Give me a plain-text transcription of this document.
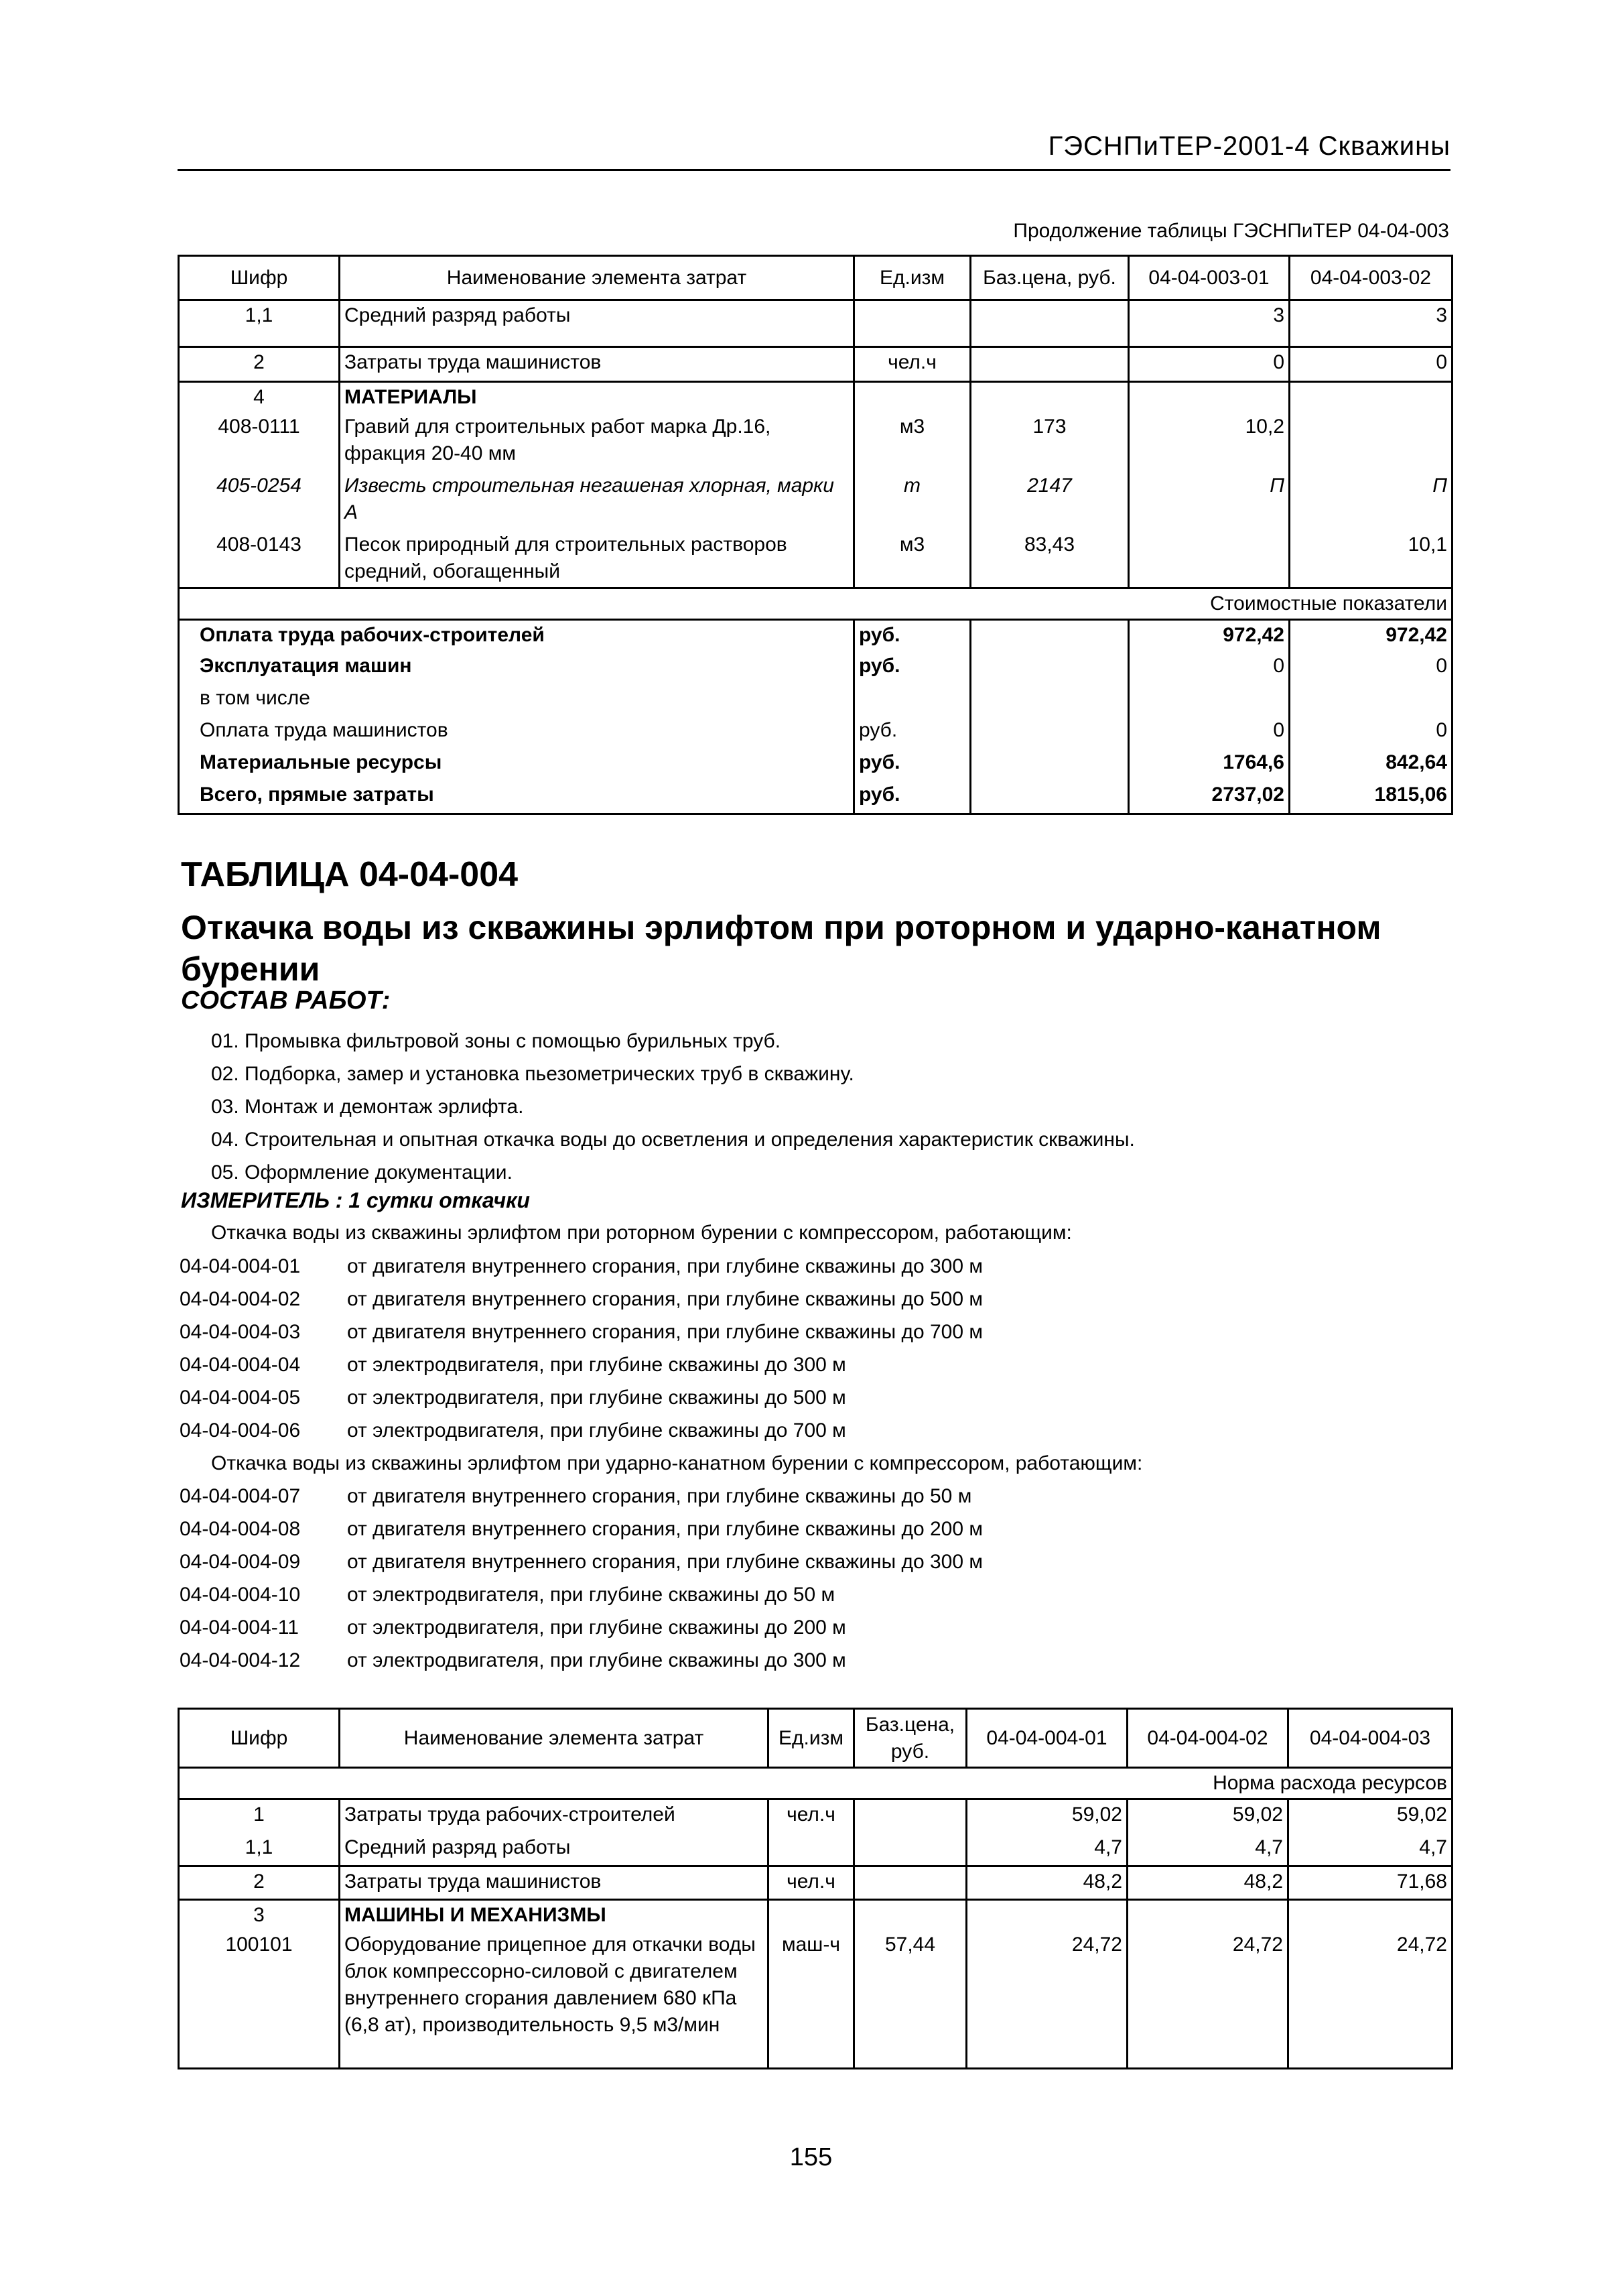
ГЭСНПиТЕР-2001-4 Скважины
Продолжение таблицы ГЭСНПиТЕР 04-04-003
Шифр	Наименование элемента затрат	Ед.изм	Баз.цена, руб.	04-04-003-01	04-04-003-02
1,1	Средний разряд работы			3	3
2	Затраты труда машинистов	чел.ч		0	0
4	МАТЕРИАЛЫ				
408-0111	Гравий для строительных работ марка Др.16, фракция 20-40 мм	м3	173	10,2	
405-0254	Известь строительная негашеная хлорная, марки А	т	2147	П	П
408-0143	Песок природный для строительных растворов средний, обогащенный	м3	83,43		10,1
Стоимостные показатели					
Оплата труда рабочих-строителей		руб.		972,42	972,42
Эксплуатация машин		руб.		0	0
в том числе					
Оплата труда машинистов		руб.		0	0
Материальные ресурсы		руб.		1764,6	842,64
Всего, прямые затраты		руб.		2737,02	1815,06
ТАБЛИЦА 04-04-004
Откачка воды из скважины эрлифтом при роторном и ударно-канатном бурении
СОСТАВ РАБОТ:
01. Промывка фильтровой зоны с помощью бурильных труб.
02. Подборка, замер и установка пьезометрических труб в скважину.
03. Монтаж и демонтаж эрлифта.
04. Строительная и опытная откачка воды до осветления и определения характеристик скважины.
05. Оформление документации.
ИЗМЕРИТЕЛЬ : 1 сутки откачки
Откачка воды из скважины эрлифтом при роторном бурении с компрессором, работающим:
04-04-004-01 от двигателя внутреннего сгорания, при глубине скважины до 300 м
04-04-004-02 от двигателя внутреннего сгорания, при глубине скважины до 500 м
04-04-004-03 от двигателя внутреннего сгорания, при глубине скважины до 700 м
04-04-004-04 от электродвигателя, при глубине скважины до 300 м
04-04-004-05 от электродвигателя, при глубине скважины до 500 м
04-04-004-06 от электродвигателя, при глубине скважины до 700 м
Откачка воды из скважины эрлифтом при ударно-канатном бурении с компрессором, работающим:
04-04-004-07 от двигателя внутреннего сгорания, при глубине скважины до 50 м
04-04-004-08 от двигателя внутреннего сгорания, при глубине скважины до 200 м
04-04-004-09 от двигателя внутреннего сгорания, при глубине скважины до 300 м
04-04-004-10 от электродвигателя, при глубине скважины до 50 м
04-04-004-11 от электродвигателя, при глубине скважины до 200 м
04-04-004-12 от электродвигателя, при глубине скважины до 300 м
Шифр	Наименование элемента затрат	Ед.изм	Баз.цена, руб.	04-04-004-01	04-04-004-02	04-04-004-03
Норма расхода ресурсов						
1	Затраты труда рабочих-строителей	чел.ч		59,02	59,02	59,02
1,1	Средний разряд работы			4,7	4,7	4,7
2	Затраты труда машинистов	чел.ч		48,2	48,2	71,68
3	МАШИНЫ И МЕХАНИЗМЫ					
100101	Оборудование прицепное для откачки воды блок компрессорно-силовой с двигателем внутреннего сгорания давлением 680 кПа (6,8 ат), производительность 9,5 м3/мин	маш-ч	57,44	24,72	24,72	24,72
155
